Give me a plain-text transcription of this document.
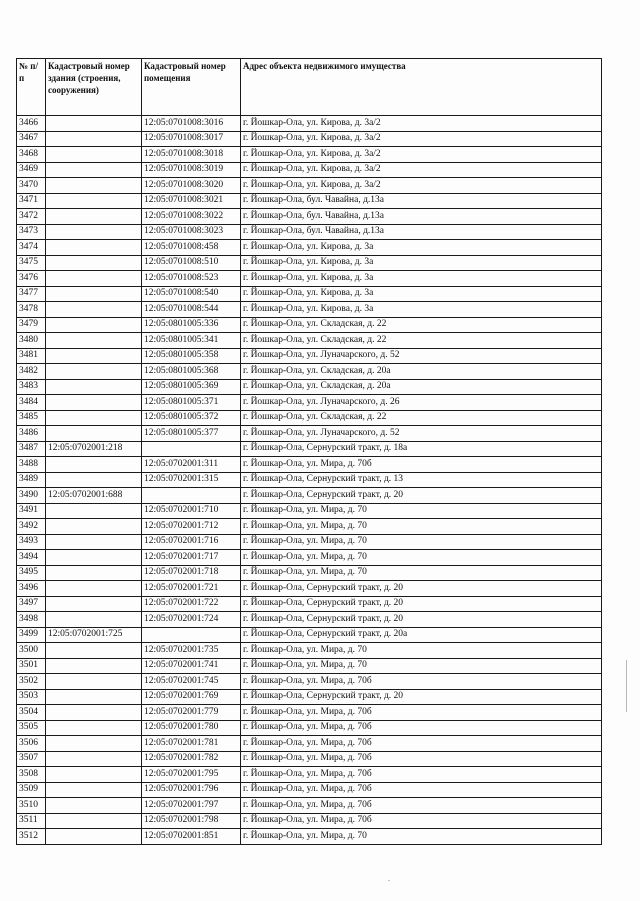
№ п/п	Кадастровый номер здания (строения, сооружения)	Кадастровый номер помещения	Адрес объекта недвижимого имущества
3466		12:05:0701008:3016	г. Йошкар-Ола, ул. Кирова, д. 3а/2
3467		12:05:0701008:3017	г. Йошкар-Ола, ул. Кирова, д. 3а/2
3468		12:05:0701008:3018	г. Йошкар-Ола, ул. Кирова, д. 3а/2
3469		12:05:0701008:3019	г. Йошкар-Ола, ул. Кирова, д. 3а/2
3470		12:05:0701008:3020	г. Йошкар-Ола, ул. Кирова, д. 3а/2
3471		12:05:0701008:3021	г. Йошкар-Ола, бул. Чавайна, д.13а
3472		12:05:0701008:3022	г. Йошкар-Ола, бул. Чавайна, д.13а
3473		12:05:0701008:3023	г. Йошкар-Ола, бул. Чавайна, д.13а
3474		12:05:0701008:458	г. Йошкар-Ола, ул. Кирова, д. 3а
3475		12:05:0701008:510	г. Йошкар-Ола, ул. Кирова, д. 3а
3476		12:05:0701008:523	г. Йошкар-Ола, ул. Кирова, д. 3а
3477		12:05:0701008:540	г. Йошкар-Ола, ул. Кирова, д. 3а
3478		12:05:0701008:544	г. Йошкар-Ола, ул. Кирова, д. 3а
3479		12:05:0801005:336	г. Йошкар-Ола, ул. Складская, д. 22
3480		12:05:0801005:341	г. Йошкар-Ола, ул. Складская, д. 22
3481		12:05:0801005:358	г. Йошкар-Ола, ул. Луначарского, д. 52
3482		12:05:0801005:368	г. Йошкар-Ола, ул. Складская, д. 20а
3483		12:05:0801005:369	г. Йошкар-Ола, ул. Складская, д. 20а
3484		12:05:0801005:371	г. Йошкар-Ола, ул. Луначарского, д. 26
3485		12:05:0801005:372	г. Йошкар-Ола, ул. Складская, д. 22
3486		12:05:0801005:377	г. Йошкар-Ола, ул. Луначарского, д. 52
3487	12:05:0702001:218		г. Йошкар-Ола, Сернурский тракт, д. 18а
3488		12:05:0702001:311	г. Йошкар-Ола, ул. Мира, д. 70б
3489		12:05:0702001:315	г. Йошкар-Ола, Сернурский тракт, д. 13
3490	12:05:0702001:688		г. Йошкар-Ола, Сернурский тракт, д. 20
3491		12:05:0702001:710	г. Йошкар-Ола, ул. Мира, д. 70
3492		12:05:0702001:712	г. Йошкар-Ола, ул. Мира, д. 70
3493		12:05:0702001:716	г. Йошкар-Ола, ул. Мира, д. 70
3494		12:05:0702001:717	г. Йошкар-Ола, ул. Мира, д. 70
3495		12:05:0702001:718	г. Йошкар-Ола, ул. Мира, д. 70
3496		12:05:0702001:721	г. Йошкар-Ола, Сернурский тракт, д. 20
3497		12:05:0702001:722	г. Йошкар-Ола, Сернурский тракт, д. 20
3498		12:05:0702001:724	г. Йошкар-Ола, Сернурский тракт, д. 20
3499	12:05:0702001:725		г. Йошкар-Ола, Сернурский тракт, д. 20а
3500		12:05:0702001:735	г. Йошкар-Ола, ул. Мира, д. 70
3501		12:05:0702001:741	г. Йошкар-Ола, ул. Мира, д. 70
3502		12:05:0702001:745	г. Йошкар-Ола, ул. Мира, д. 70б
3503		12:05:0702001:769	г. Йошкар-Ола, Сернурский тракт, д. 20
3504		12:05:0702001:779	г. Йошкар-Ола, ул. Мира, д. 70б
3505		12:05:0702001:780	г. Йошкар-Ола, ул. Мира, д. 70б
3506		12:05:0702001:781	г. Йошкар-Ола, ул. Мира, д. 70б
3507		12:05:0702001:782	г. Йошкар-Ола, ул. Мира, д. 70б
3508		12:05:0702001:795	г. Йошкар-Ола, ул. Мира, д. 70б
3509		12:05:0702001:796	г. Йошкар-Ола, ул. Мира, д. 70б
3510		12:05:0702001:797	г. Йошкар-Ола, ул. Мира, д. 70б
3511		12:05:0702001:798	г. Йошкар-Ола, ул. Мира, д. 70б
3512		12:05:0702001:851	г. Йошкар-Ола, ул. Мира, д. 70
